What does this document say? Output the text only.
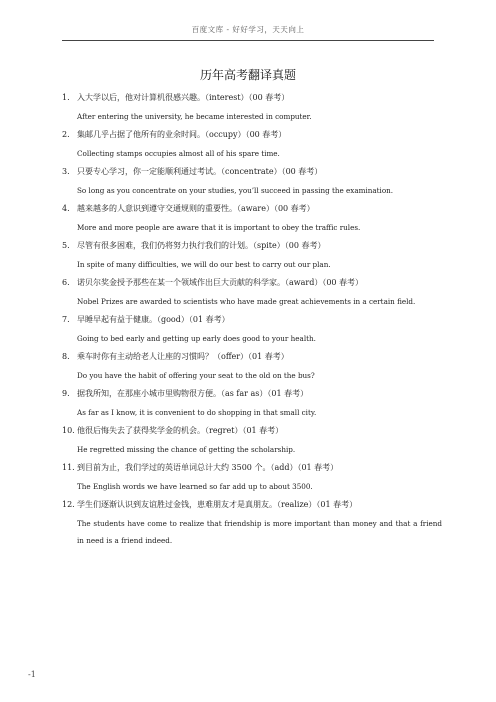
百度文库 - 好好学习，天天向上
历年高考翻译真题
1. 入大学以后，他对计算机很感兴趣。（interest）（00 春考）
After entering the university, he became interested in computer.
2. 集邮几乎占据了他所有的业余时间。（occupy）（00 春考）
Collecting stamps occupies almost all of his spare time.
3. 只要专心学习，你一定能顺利通过考试。（concentrate）（00 春考）
So long as you concentrate on your studies, you’ll succeed in passing the examination.
4. 越来越多的人意识到遵守交通规则的重要性。（aware）（00 春考）
More and more people are aware that it is important to obey the traffic rules.
5. 尽管有很多困难，我们仍将努力执行我们的计划。（spite）（00 春考）
In spite of many difficulties, we will do our best to carry out our plan.
6. 诺贝尔奖金授予那些在某一个领域作出巨大贡献的科学家。（award）（00 春考）
Nobel Prizes are awarded to scientists who have made great achievements in a certain field.
7. 早睡早起有益于健康。（good）（01 春考）
Going to bed early and getting up early does good to your health.
8. 乘车时你有主动给老人让座的习惯吗？（offer）（01 春考）
Do you have the habit of offering your seat to the old on the bus?
9. 据我所知，在那座小城市里购物很方便。（as far as）（01 春考）
As far as I know, it is convenient to do shopping in that small city.
10. 他很后悔失去了获得奖学金的机会。（regret）（01 春考）
He regretted missing the chance of getting the scholarship.
11. 到目前为止，我们学过的英语单词总计大约 3500 个。（add）（01 春考）
The English words we have learned so far add up to about 3500.
12. 学生们逐渐认识到友谊胜过金钱，患难朋友才是真朋友。（realize）（01 春考）
The students have come to realize that friendship is more important than money and that a friend in need is a friend indeed.
-1
